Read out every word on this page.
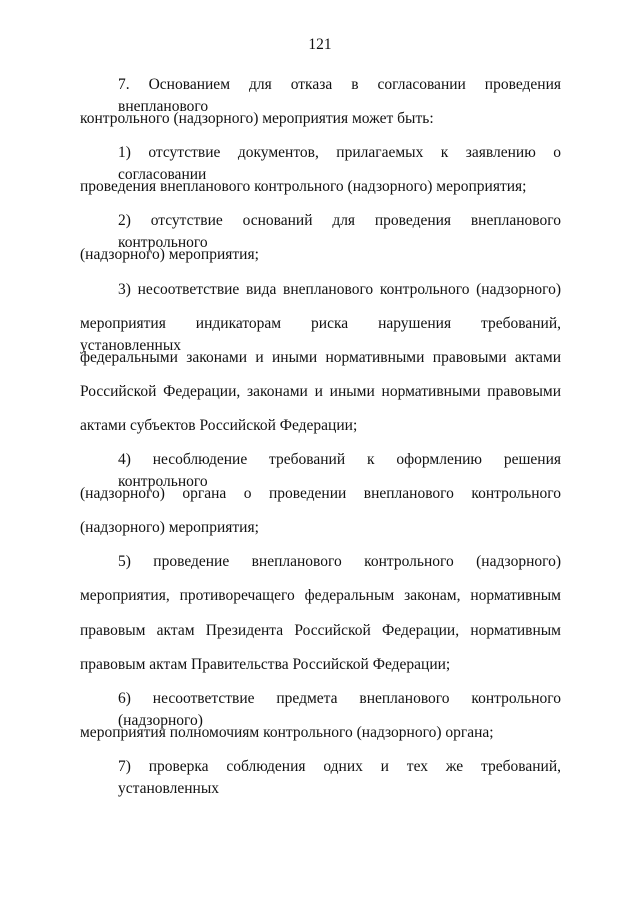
121
7. Основанием для отказа в согласовании проведения внепланового
контрольного (надзорного) мероприятия может быть:
1) отсутствие документов, прилагаемых к заявлению о согласовании
проведения внепланового контрольного (надзорного) мероприятия;
2) отсутствие оснований для проведения внепланового контрольного
(надзорного) мероприятия;
3) несоответствие вида внепланового контрольного (надзорного)
мероприятия индикаторам риска нарушения требований, установленных
федеральными законами и иными нормативными правовыми актами
Российской Федерации, законами и иными нормативными правовыми
актами субъектов Российской Федерации;
4) несоблюдение требований к оформлению решения контрольного
(надзорного) органа о проведении внепланового контрольного
(надзорного) мероприятия;
5) проведение внепланового контрольного (надзорного)
мероприятия, противоречащего федеральным законам, нормативным
правовым актам Президента Российской Федерации, нормативным
правовым актам Правительства Российской Федерации;
6) несоответствие предмета внепланового контрольного (надзорного)
мероприятия полномочиям контрольного (надзорного) органа;
7) проверка соблюдения одних и тех же требований, установленных
